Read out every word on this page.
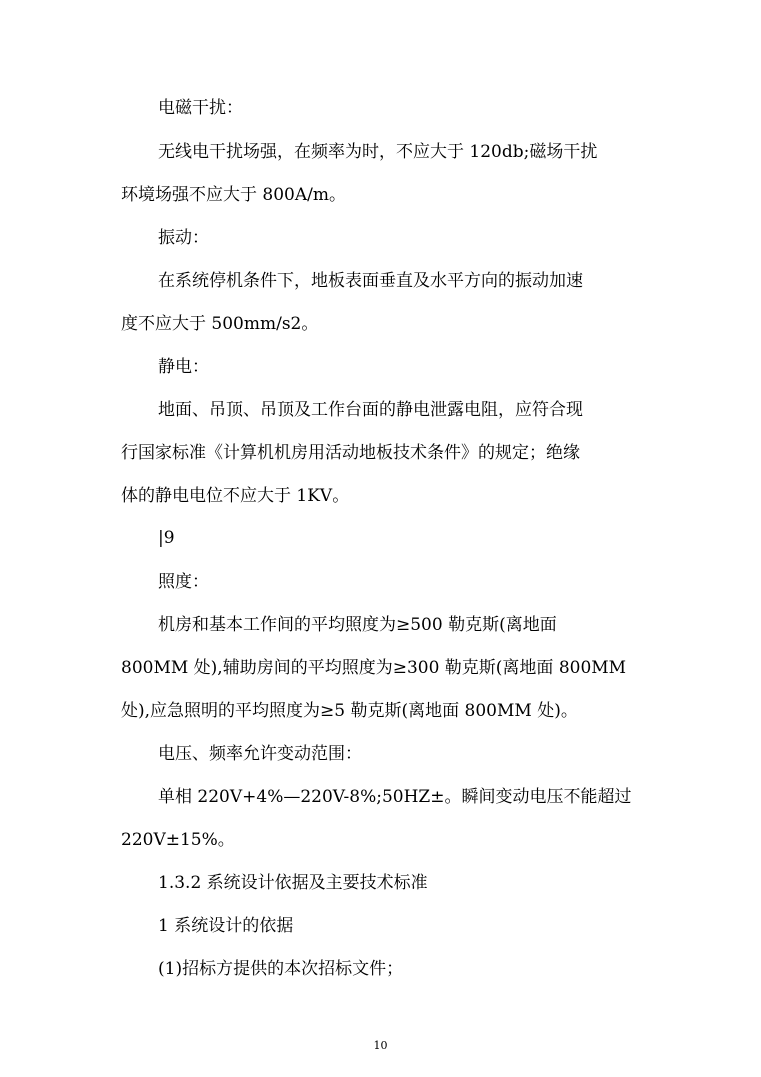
电磁干扰：
无线电干扰场强，在频率为时，不应大于 120db;磁场干扰
环境场强不应大于 800A/m。
振动：
在系统停机条件下，地板表面垂直及水平方向的振动加速
度不应大于 500mm/s2。
静电：
地面、吊顶、吊顶及工作台面的静电泄露电阻，应符合现
行国家标准《计算机机房用活动地板技术条件》的规定；绝缘
体的静电电位不应大于 1KV。
|9
照度：
机房和基本工作间的平均照度为≥500 勒克斯(离地面
800MM 处),辅助房间的平均照度为≥300 勒克斯(离地面 800MM
处),应急照明的平均照度为≥5 勒克斯(离地面 800MM 处)。
电压、频率允许变动范围：
单相 220V+4%—220V-8%;50HZ±。瞬间变动电压不能超过
220V±15%。
1.3.2 系统设计依据及主要技术标准
1 系统设计的依据
(1)招标方提供的本次招标文件；
10
